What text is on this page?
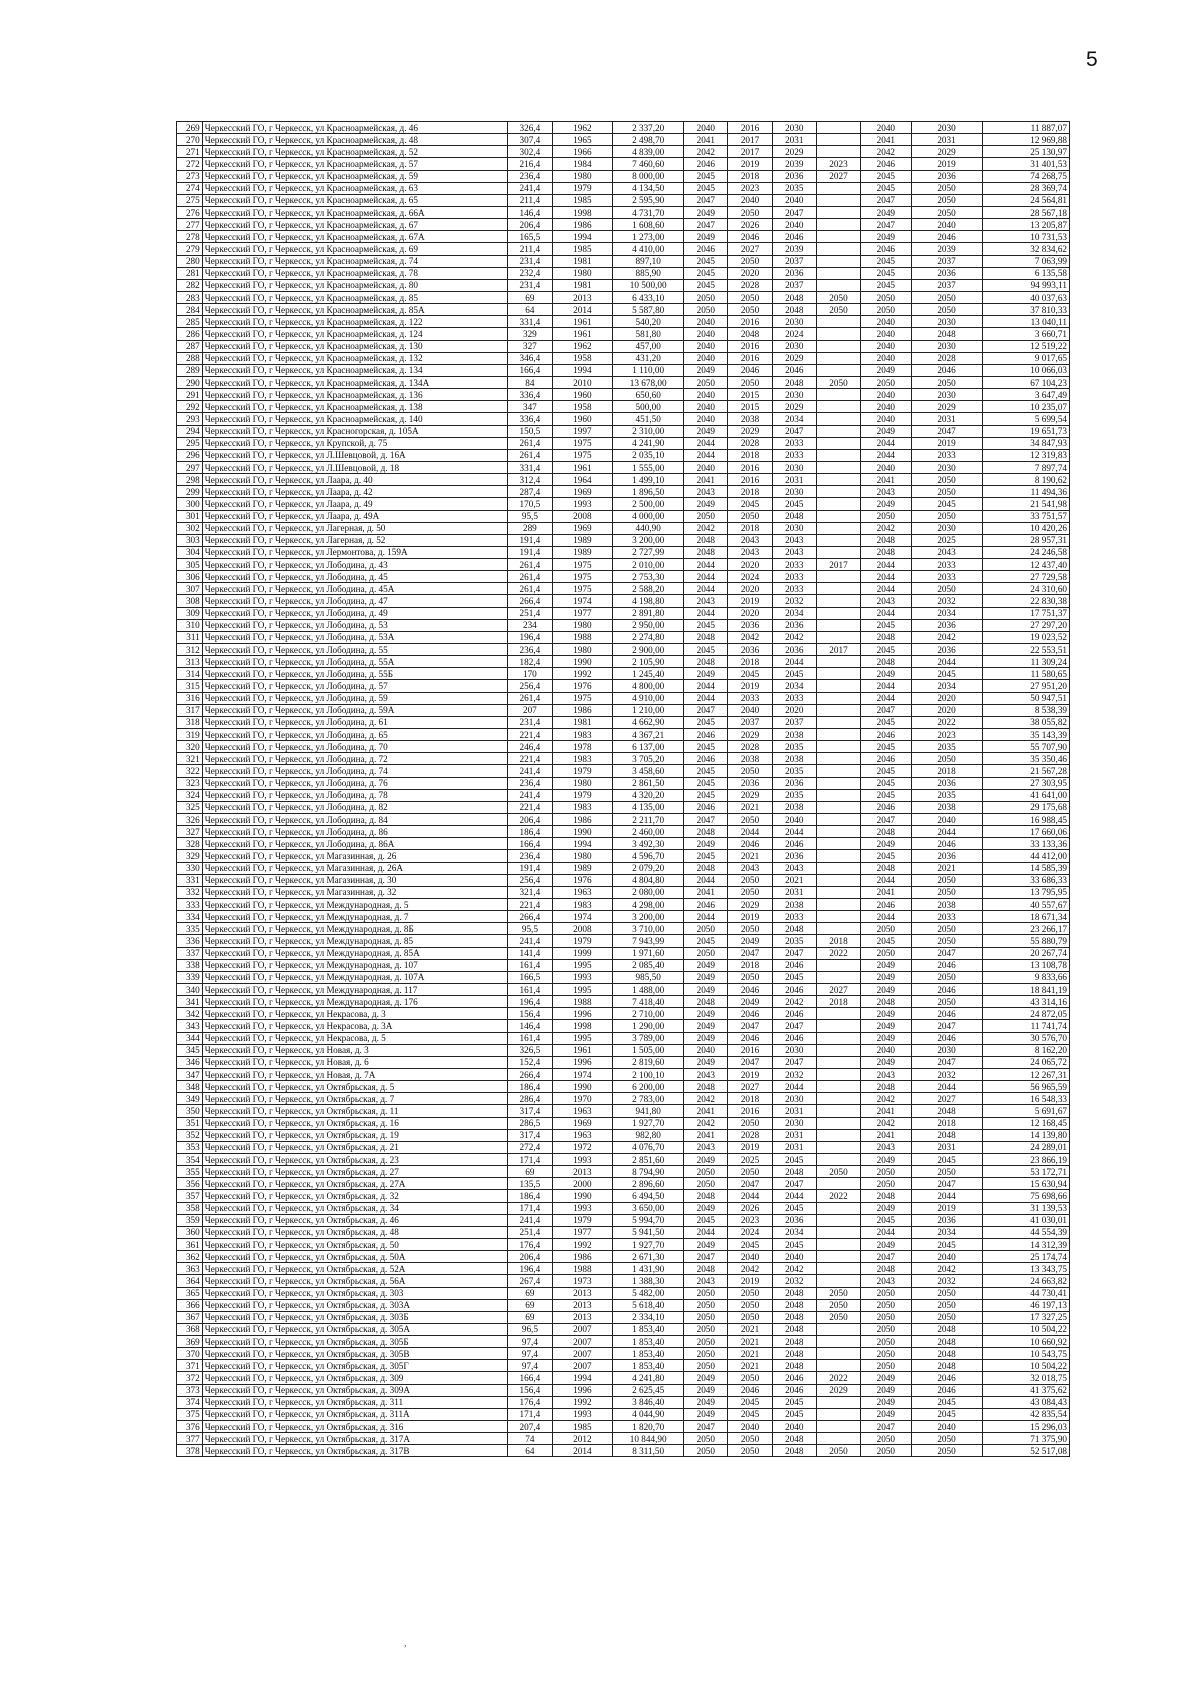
5
269	Черкесский ГО, г Черкесск, ул Красноармейская, д. 46	326,4	1962	2 337,20	2040	2016	2030		2040	2030	11 887,07
270	Черкесский ГО, г Черкесск, ул Красноармейская, д. 48	307,4	1965	2 498,70	2041	2017	2031		2041	2031	12 969,88
271	Черкесский ГО, г Черкесск, ул Красноармейская, д. 52	302,4	1966	4 839,00	2042	2017	2029		2042	2029	25 130,97
272	Черкесский ГО, г Черкесск, ул Красноармейская, д. 57	216,4	1984	7 460,60	2046	2019	2039	2023	2046	2019	31 401,53
273	Черкесский ГО, г Черкесск, ул Красноармейская, д. 59	236,4	1980	8 000,00	2045	2018	2036	2027	2045	2036	74 268,75
274	Черкесский ГО, г Черкесск, ул Красноармейская, д. 63	241,4	1979	4 134,50	2045	2023	2035		2045	2050	28 369,74
275	Черкесский ГО, г Черкесск, ул Красноармейская, д. 65	211,4	1985	2 595,90	2047	2040	2040		2047	2050	24 564,81
276	Черкесский ГО, г Черкесск, ул Красноармейская, д. 66А	146,4	1998	4 731,70	2049	2050	2047		2049	2050	28 567,18
277	Черкесский ГО, г Черкесск, ул Красноармейская, д. 67	206,4	1986	1 608,60	2047	2026	2040		2047	2040	13 205,87
278	Черкесский ГО, г Черкесск, ул Красноармейская, д. 67А	165,5	1994	1 273,00	2049	2046	2046		2049	2046	10 731,53
279	Черкесский ГО, г Черкесск, ул Красноармейская, д. 69	211,4	1985	4 410,00	2046	2027	2039		2046	2039	32 834,62
280	Черкесский ГО, г Черкесск, ул Красноармейская, д. 74	231,4	1981	897,10	2045	2050	2037		2045	2037	7 063,99
281	Черкесский ГО, г Черкесск, ул Красноармейская, д. 78	232,4	1980	885,90	2045	2020	2036		2045	2036	6 135,58
282	Черкесский ГО, г Черкесск, ул Красноармейская, д. 80	231,4	1981	10 500,00	2045	2028	2037		2045	2037	94 993,11
283	Черкесский ГО, г Черкесск, ул Красноармейская, д. 85	69	2013	6 433,10	2050	2050	2048	2050	2050	2050	40 037,63
284	Черкесский ГО, г Черкесск, ул Красноармейская, д. 85А	64	2014	5 587,80	2050	2050	2048	2050	2050	2050	37 810,33
285	Черкесский ГО, г Черкесск, ул Красноармейская, д. 122	331,4	1961	540,20	2040	2016	2030		2040	2030	13 040,11
286	Черкесский ГО, г Черкесск, ул Красноармейская, д. 124	329	1961	581,80	2040	2048	2024		2040	2048	3 660,71
287	Черкесский ГО, г Черкесск, ул Красноармейская, д. 130	327	1962	457,00	2040	2016	2030		2040	2030	12 519,22
288	Черкесский ГО, г Черкесск, ул Красноармейская, д. 132	346,4	1958	431,20	2040	2016	2029		2040	2028	9 017,65
289	Черкесский ГО, г Черкесск, ул Красноармейская, д. 134	166,4	1994	1 110,00	2049	2046	2046		2049	2046	10 066,03
290	Черкесский ГО, г Черкесск, ул Красноармейская, д. 134А	84	2010	13 678,00	2050	2050	2048	2050	2050	2050	67 104,23
291	Черкесский ГО, г Черкесск, ул Красноармейская, д. 136	336,4	1960	650,60	2040	2015	2030		2040	2030	3 647,49
292	Черкесский ГО, г Черкесск, ул Красноармейская, д. 138	347	1958	500,00	2040	2015	2029		2040	2029	10 235,07
293	Черкесский ГО, г Черкесск, ул Красноармейская, д. 140	336,4	1960	451,50	2040	2038	2034		2040	2031	5 699,54
294	Черкесский ГО, г Черкесск, ул Красногорская, д. 105А	150,5	1997	2 310,00	2049	2029	2047		2049	2047	19 651,73
295	Черкесский ГО, г Черкесск, ул Крупской, д. 75	261,4	1975	4 241,90	2044	2028	2033		2044	2019	34 847,93
296	Черкесский ГО, г Черкесск, ул Л.Шевцовой, д. 16А	261,4	1975	2 035,10	2044	2018	2033		2044	2033	12 319,83
297	Черкесский ГО, г Черкесск, ул Л.Шевцовой, д. 18	331,4	1961	1 555,00	2040	2016	2030		2040	2030	7 897,74
298	Черкесский ГО, г Черкесск, ул Лаара, д. 40	312,4	1964	1 499,10	2041	2016	2031		2041	2050	8 190,62
299	Черкесский ГО, г Черкесск, ул Лаара, д. 42	287,4	1969	1 896,50	2043	2018	2030		2043	2050	11 494,36
300	Черкесский ГО, г Черкесск, ул Лаара, д. 49	170,5	1993	2 500,00	2049	2045	2045		2049	2045	21 541,98
301	Черкесский ГО, г Черкесск, ул Лаара, д. 49А	95,5	2008	4 000,00	2050	2050	2048		2050	2050	33 751,57
302	Черкесский ГО, г Черкесск, ул Лагерная, д. 50	289	1969	440,90	2042	2018	2030		2042	2030	10 420,26
303	Черкесский ГО, г Черкесск, ул Лагерная, д. 52	191,4	1989	3 200,00	2048	2043	2043		2048	2025	28 957,31
304	Черкесский ГО, г Черкесск, ул Лермонтова, д. 159А	191,4	1989	2 727,99	2048	2043	2043		2048	2043	24 246,58
305	Черкесский ГО, г Черкесск, ул Лободина, д. 43	261,4	1975	2 010,00	2044	2020	2033	2017	2044	2033	12 437,40
306	Черкесский ГО, г Черкесск, ул Лободина, д. 45	261,4	1975	2 753,30	2044	2024	2033		2044	2033	27 729,58
307	Черкесский ГО, г Черкесск, ул Лободина, д. 45А	261,4	1975	2 588,20	2044	2020	2033		2044	2050	24 310,60
308	Черкесский ГО, г Черкесск, ул Лободина, д. 47	266,4	1974	4 198,80	2043	2019	2032		2043	2032	22 830,38
309	Черкесский ГО, г Черкесск, ул Лободина, д. 49	251,4	1977	2 891,80	2044	2020	2034		2044	2034	17 751,37
310	Черкесский ГО, г Черкесск, ул Лободина, д. 53	234	1980	2 950,00	2045	2036	2036		2045	2036	27 297,20
311	Черкесский ГО, г Черкесск, ул Лободина, д. 53А	196,4	1988	2 274,80	2048	2042	2042		2048	2042	19 023,52
312	Черкесский ГО, г Черкесск, ул Лободина, д. 55	236,4	1980	2 900,00	2045	2036	2036	2017	2045	2036	22 553,51
313	Черкесский ГО, г Черкесск, ул Лободина, д. 55А	182,4	1990	2 105,90	2048	2018	2044		2048	2044	11 309,24
314	Черкесский ГО, г Черкесск, ул Лободина, д. 55Б	170	1992	1 245,40	2049	2045	2045		2049	2045	11 580,65
315	Черкесский ГО, г Черкесск, ул Лободина, д. 57	256,4	1976	4 800,00	2044	2019	2034		2044	2034	27 951,20
316	Черкесский ГО, г Черкесск, ул Лободина, д. 59	261,4	1975	4 910,00	2044	2033	2033		2044	2020	50 947,51
317	Черкесский ГО, г Черкесск, ул Лободина, д. 59А	207	1986	1 210,00	2047	2040	2020		2047	2020	8 538,39
318	Черкесский ГО, г Черкесск, ул Лободина, д. 61	231,4	1981	4 662,90	2045	2037	2037		2045	2022	38 055,82
319	Черкесский ГО, г Черкесск, ул Лободина, д. 65	221,4	1983	4 367,21	2046	2029	2038		2046	2023	35 143,39
320	Черкесский ГО, г Черкесск, ул Лободина, д. 70	246,4	1978	6 137,00	2045	2028	2035		2045	2035	55 707,90
321	Черкесский ГО, г Черкесск, ул Лободина, д. 72	221,4	1983	3 705,20	2046	2038	2038		2046	2050	35 350,46
322	Черкесский ГО, г Черкесск, ул Лободина, д. 74	241,4	1979	3 458,60	2045	2050	2035		2045	2018	21 567,28
323	Черкесский ГО, г Черкесск, ул Лободина, д. 76	236,4	1980	2 861,50	2045	2036	2036		2045	2036	27 303,95
324	Черкесский ГО, г Черкесск, ул Лободина, д. 78	241,4	1979	4 320,20	2045	2029	2035		2045	2035	41 641,00
325	Черкесский ГО, г Черкесск, ул Лободина, д. 82	221,4	1983	4 135,00	2046	2021	2038		2046	2038	29 175,68
326	Черкесский ГО, г Черкесск, ул Лободина, д. 84	206,4	1986	2 211,70	2047	2050	2040		2047	2040	16 988,45
327	Черкесский ГО, г Черкесск, ул Лободина, д. 86	186,4	1990	2 460,00	2048	2044	2044		2048	2044	17 660,06
328	Черкесский ГО, г Черкесск, ул Лободина, д. 86А	166,4	1994	3 492,30	2049	2046	2046		2049	2046	33 133,36
329	Черкесский ГО, г Черкесск, ул Магазинная, д. 26	236,4	1980	4 596,70	2045	2021	2036		2045	2036	44 412,00
330	Черкесский ГО, г Черкесск, ул Магазинная, д. 26А	191,4	1989	2 079,20	2048	2043	2043		2048	2021	14 585,39
331	Черкесский ГО, г Черкесск, ул Магазинная, д. 30	256,4	1976	4 804,80	2044	2050	2021		2044	2050	33 686,33
332	Черкесский ГО, г Черкесск, ул Магазинная, д. 32	321,4	1963	2 080,00	2041	2050	2031		2041	2050	13 795,95
333	Черкесский ГО, г Черкесск, ул Международная, д. 5	221,4	1983	4 298,00	2046	2029	2038		2046	2038	40 557,67
334	Черкесский ГО, г Черкесск, ул Международная, д. 7	266,4	1974	3 200,00	2044	2019	2033		2044	2033	18 671,34
335	Черкесский ГО, г Черкесск, ул Международная, д. 8Б	95,5	2008	3 710,00	2050	2050	2048		2050	2050	23 266,17
336	Черкесский ГО, г Черкесск, ул Международная, д. 85	241,4	1979	7 943,99	2045	2049	2035	2018	2045	2050	55 880,79
337	Черкесский ГО, г Черкесск, ул Международная, д. 85А	141,4	1999	1 971,60	2050	2047	2047	2022	2050	2047	20 267,74
338	Черкесский ГО, г Черкесск, ул Международная, д. 107	161,4	1995	2 085,40	2049	2018	2046		2049	2046	13 108,78
339	Черкесский ГО, г Черкесск, ул Международная, д. 107А	166,5	1993	985,50	2049	2050	2045		2049	2050	9 833,66
340	Черкесский ГО, г Черкесск, ул Международная, д. 117	161,4	1995	1 488,00	2049	2046	2046	2027	2049	2046	18 841,19
341	Черкесский ГО, г Черкесск, ул Международная, д. 176	196,4	1988	7 418,40	2048	2049	2042	2018	2048	2050	43 314,16
342	Черкесский ГО, г Черкесск, ул Некрасова, д. 3	156,4	1996	2 710,00	2049	2046	2046		2049	2046	24 872,05
343	Черкесский ГО, г Черкесск, ул Некрасова, д. 3А	146,4	1998	1 290,00	2049	2047	2047		2049	2047	11 741,74
344	Черкесский ГО, г Черкесск, ул Некрасова, д. 5	161,4	1995	3 789,00	2049	2046	2046		2049	2046	30 576,70
345	Черкесский ГО, г Черкесск, ул Новая, д. 3	326,5	1961	1 505,00	2040	2016	2030		2040	2030	8 162,20
346	Черкесский ГО, г Черкесск, ул Новая, д. 6	152,4	1996	2 819,60	2049	2047	2047		2049	2047	24 065,72
347	Черкесский ГО, г Черкесск, ул Новая, д. 7А	266,4	1974	2 100,10	2043	2019	2032		2043	2032	12 267,31
348	Черкесский ГО, г Черкесск, ул Октябрьская, д. 5	186,4	1990	6 200,00	2048	2027	2044		2048	2044	56 965,59
349	Черкесский ГО, г Черкесск, ул Октябрьская, д. 7	286,4	1970	2 783,00	2042	2018	2030		2042	2027	16 548,33
350	Черкесский ГО, г Черкесск, ул Октябрьская, д. 11	317,4	1963	941,80	2041	2016	2031		2041	2048	5 691,67
351	Черкесский ГО, г Черкесск, ул Октябрьская, д. 16	286,5	1969	1 927,70	2042	2050	2030		2042	2018	12 168,45
352	Черкесский ГО, г Черкесск, ул Октябрьская, д. 19	317,4	1963	982,80	2041	2028	2031		2041	2048	14 139,80
353	Черкесский ГО, г Черкесск, ул Октябрьская, д. 21	272,4	1972	4 076,70	2043	2019	2031		2043	2031	24 289,01
354	Черкесский ГО, г Черкесск, ул Октябрьская, д. 23	171,4	1993	2 851,60	2049	2025	2045		2049	2045	23 866,19
355	Черкесский ГО, г Черкесск, ул Октябрьская, д. 27	69	2013	8 794,90	2050	2050	2048	2050	2050	2050	53 172,71
356	Черкесский ГО, г Черкесск, ул Октябрьская, д. 27А	135,5	2000	2 896,60	2050	2047	2047		2050	2047	15 630,94
357	Черкесский ГО, г Черкесск, ул Октябрьская, д. 32	186,4	1990	6 494,50	2048	2044	2044	2022	2048	2044	75 698,66
358	Черкесский ГО, г Черкесск, ул Октябрьская, д. 34	171,4	1993	3 650,00	2049	2026	2045		2049	2019	31 139,53
359	Черкесский ГО, г Черкесск, ул Октябрьская, д. 46	241,4	1979	5 994,70	2045	2023	2036		2045	2036	41 030,01
360	Черкесский ГО, г Черкесск, ул Октябрьская, д. 48	251,4	1977	5 941,50	2044	2024	2034		2044	2034	44 554,39
361	Черкесский ГО, г Черкесск, ул Октябрьская, д. 50	176,4	1992	1 927,70	2049	2045	2045		2049	2045	14 312,39
362	Черкесский ГО, г Черкесск, ул Октябрьская, д. 50А	206,4	1986	2 671,30	2047	2040	2040		2047	2040	25 174,74
363	Черкесский ГО, г Черкесск, ул Октябрьская, д. 52А	196,4	1988	1 431,90	2048	2042	2042		2048	2042	13 343,75
364	Черкесский ГО, г Черкесск, ул Октябрьская, д. 56А	267,4	1973	1 388,30	2043	2019	2032		2043	2032	24 663,82
365	Черкесский ГО, г Черкесск, ул Октябрьская, д. 303	69	2013	5 482,00	2050	2050	2048	2050	2050	2050	44 730,41
366	Черкесский ГО, г Черкесск, ул Октябрьская, д. 303А	69	2013	5 618,40	2050	2050	2048	2050	2050	2050	46 197,13
367	Черкесский ГО, г Черкесск, ул Октябрьская, д. 303Б	69	2013	2 334,10	2050	2050	2048	2050	2050	2050	17 327,25
368	Черкесский ГО, г Черкесск, ул Октябрьская, д. 305А	96,5	2007	1 853,40	2050	2021	2048		2050	2048	10 504,22
369	Черкесский ГО, г Черкесск, ул Октябрьская, д. 305Б	97,4	2007	1 853,40	2050	2021	2048		2050	2048	10 660,92
370	Черкесский ГО, г Черкесск, ул Октябрьская, д. 305В	97,4	2007	1 853,40	2050	2021	2048		2050	2048	10 543,75
371	Черкесский ГО, г Черкесск, ул Октябрьская, д. 305Г	97,4	2007	1 853,40	2050	2021	2048		2050	2048	10 504,22
372	Черкесский ГО, г Черкесск, ул Октябрьская, д. 309	166,4	1994	4 241,80	2049	2050	2046	2022	2049	2046	32 018,75
373	Черкесский ГО, г Черкесск, ул Октябрьская, д. 309А	156,4	1996	2 625,45	2049	2046	2046	2029	2049	2046	41 375,62
374	Черкесский ГО, г Черкесск, ул Октябрьская, д. 311	176,4	1992	3 846,40	2049	2045	2045		2049	2045	43 084,43
375	Черкесский ГО, г Черкесск, ул Октябрьская, д. 311А	171,4	1993	4 044,90	2049	2045	2045		2049	2045	42 835,54
376	Черкесский ГО, г Черкесск, ул Октябрьская, д. 316	207,4	1985	1 820,70	2047	2040	2040		2047	2040	15 296,03
377	Черкесский ГО, г Черкесск, ул Октябрьская, д. 317А	74	2012	10 844,90	2050	2050	2048		2050	2050	71 375,90
378	Черкесский ГО, г Черкесск, ул Октябрьская, д. 317В	64	2014	8 311,50	2050	2050	2048	2050	2050	2050	52 517,08
,
